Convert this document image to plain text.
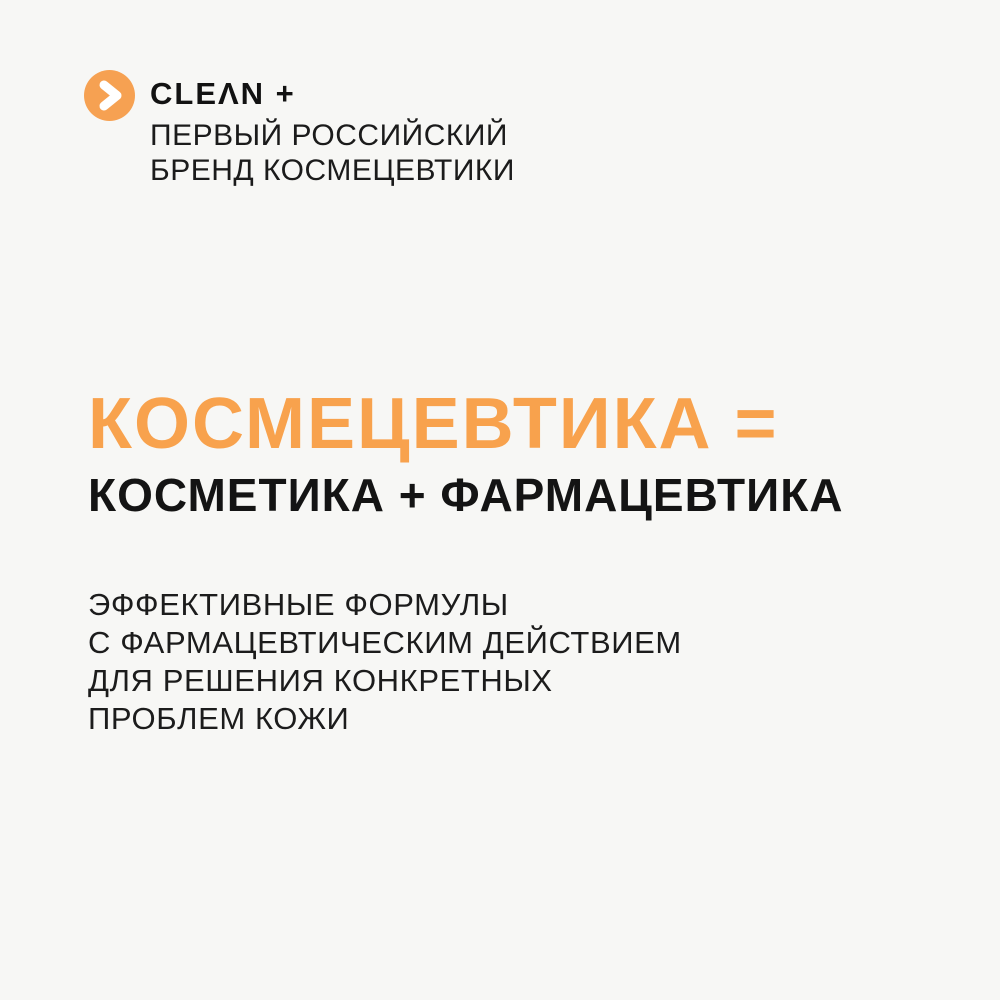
CLEΛN +
ПЕРВЫЙ РОССИЙСКИЙ
БРЕНД КОСМЕЦЕВТИКИ
КОСМЕЦЕВТИКА =
КОСМЕТИКА + ФАРМАЦЕВТИКА

ЭФФЕКТИВНЫЕ ФОРМУЛЫ
С ФАРМАЦЕВТИЧЕСКИМ ДЕЙСТВИЕМ
ДЛЯ РЕШЕНИЯ КОНКРЕТНЫХ
ПРОБЛЕМ КОЖИ
